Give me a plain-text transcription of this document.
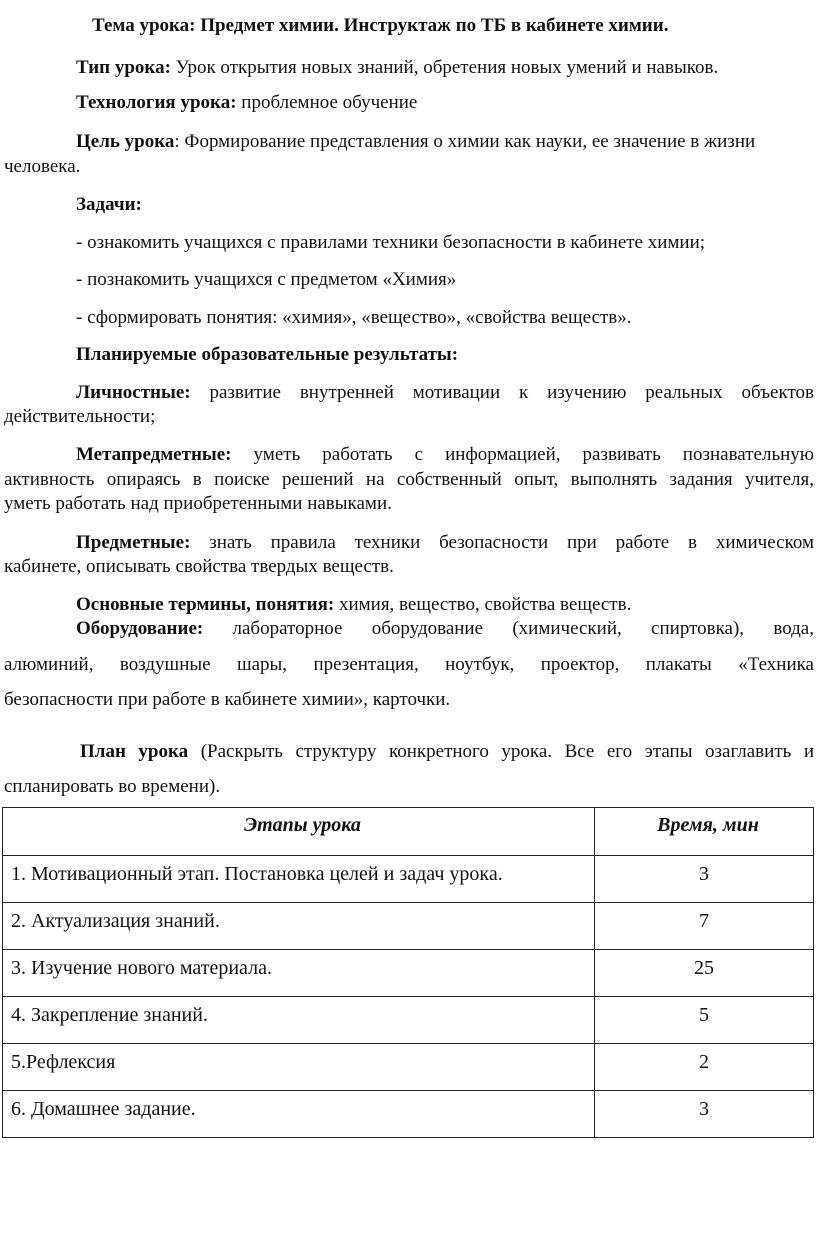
Тема урока: Предмет химии. Инструктаж по ТБ в кабинете химии.
Тип урока: Урок открытия новых знаний, обретения новых умений и навыков.
Технология урока: проблемное обучение
Цель урока: Формирование представления о химии как науки, ее значение в жизни
человека.
Задачи:
- ознакомить учащихся с правилами техники безопасности в кабинете химии;
- познакомить учащихся с предметом «Химия»
- сформировать понятия: «химия», «вещество», «свойства веществ».
Планируемые образовательные результаты:
Личностные: развитие внутренней мотивации к изучению реальных объектов
действительности;
Метапредметные: уметь работать с информацией, развивать познавательную
активность опираясь в поиске решений на собственный опыт, выполнять задания учителя,
уметь работать над приобретенными навыками.
Предметные: знать правила техники безопасности при работе в химическом
кабинете, описывать свойства твердых веществ.
Основные термины, понятия: химия, вещество, свойства веществ.
Оборудование: лабораторное оборудование (химический, спиртовка), вода,
алюминий, воздушные шары, презентация, ноутбук, проектор, плакаты «Техника
безопасности при работе в кабинете химии», карточки.
План урока (Раскрыть структуру конкретного урока. Все его этапы озаглавить и
спланировать во времени).
Этапы урока	Время, мин
1. Мотивационный этап. Постановка целей и задач урока.	3
2. Актуализация знаний.	7
3. Изучение нового материала.	25
4. Закрепление знаний.	5
5.Рефлексия	2
6. Домашнее задание.	3
